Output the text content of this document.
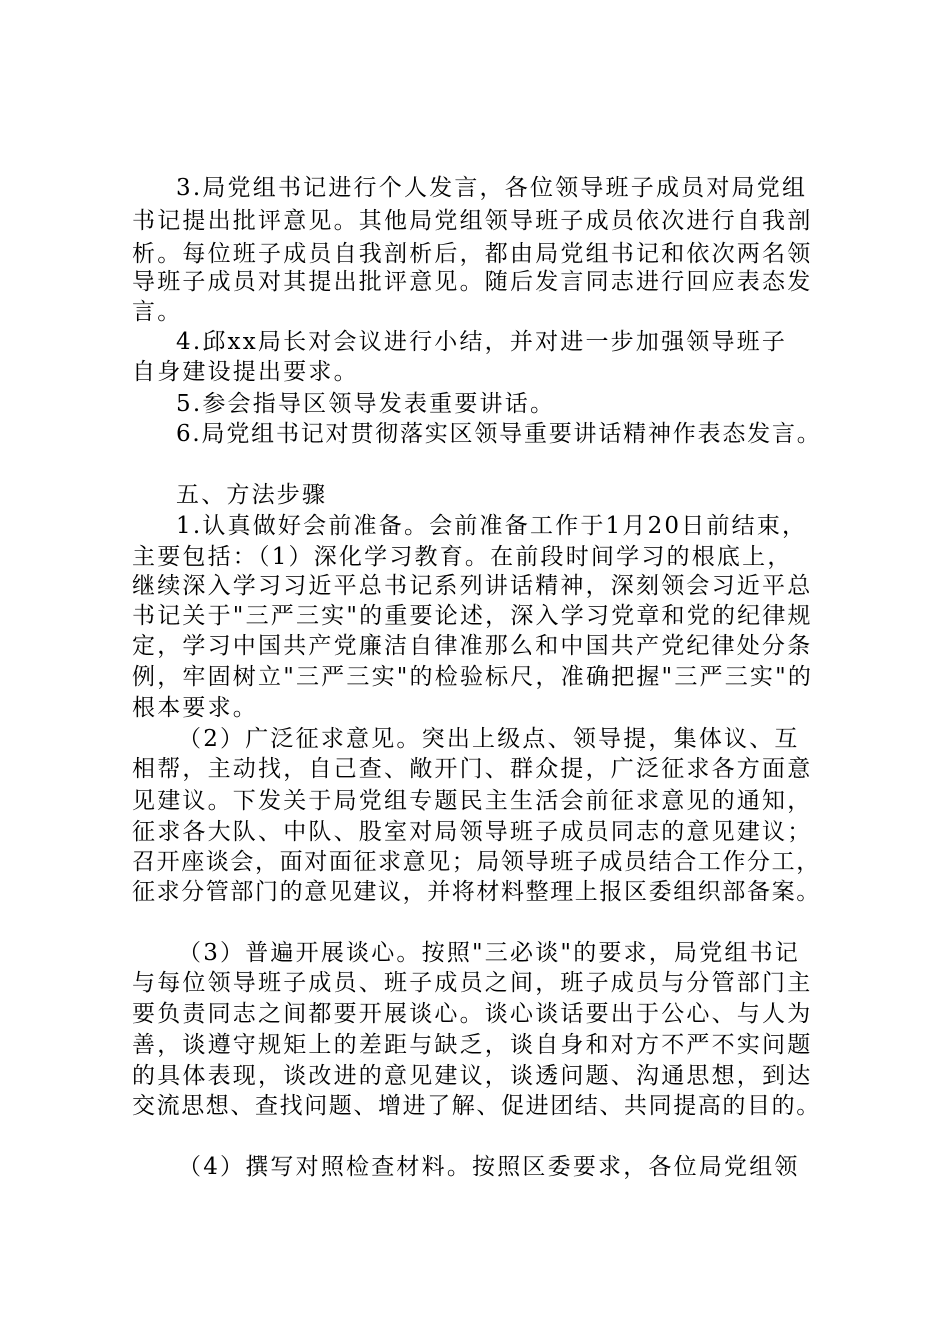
3.局党组书记进行个人发言，各位领导班子成员对局党组
书记提出批评意见。其他局党组领导班子成员依次进行自我剖
析。每位班子成员自我剖析后，都由局党组书记和依次两名领
导班子成员对其提出批评意见。随后发言同志进行回应表态发
言。
4.邱xx局长对会议进行小结，并对进一步加强领导班子
自身建设提出要求。
5.参会指导区领导发表重要讲话。
6.局党组书记对贯彻落实区领导重要讲话精神作表态发言。
五、方法步骤
1.认真做好会前准备。会前准备工作于1月20日前结束，
主要包括：（1）深化学习教育。在前段时间学习的根底上，
继续深入学习习近平总书记系列讲话精神，深刻领会习近平总
书记关于"三严三实"的重要论述，深入学习党章和党的纪律规
定，学习中国共产党廉洁自律准那么和中国共产党纪律处分条
例，牢固树立"三严三实"的检验标尺，准确把握"三严三实"的
根本要求。
（2）广泛征求意见。突出上级点、领导提，集体议、互
相帮，主动找，自己查、敞开门、群众提，广泛征求各方面意
见建议。下发关于局党组专题民主生活会前征求意见的通知，
征求各大队、中队、股室对局领导班子成员同志的意见建议；
召开座谈会，面对面征求意见；局领导班子成员结合工作分工，
征求分管部门的意见建议，并将材料整理上报区委组织部备案。
（3）普遍开展谈心。按照"三必谈"的要求，局党组书记
与每位领导班子成员、班子成员之间，班子成员与分管部门主
要负责同志之间都要开展谈心。谈心谈话要出于公心、与人为
善，谈遵守规矩上的差距与缺乏，谈自身和对方不严不实问题
的具体表现，谈改进的意见建议，谈透问题、沟通思想，到达
交流思想、查找问题、增进了解、促进团结、共同提高的目的。
（4）撰写对照检查材料。按照区委要求，各位局党组领
